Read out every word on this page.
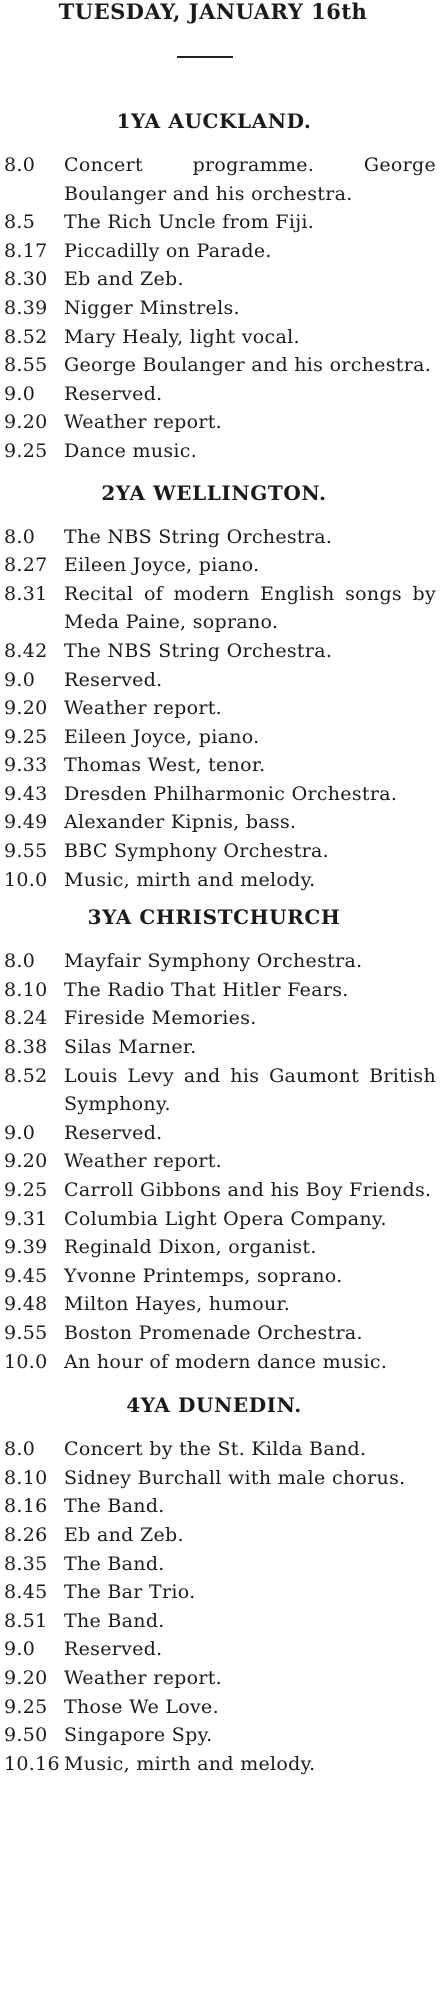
TUESDAY, JANUARY 16th
1YA AUCKLAND.
8.0	Concert programme. George Boulanger and his orchestra.
8.5	The Rich Uncle from Fiji.
8.17 Piccadilly on Parade.
8.30 Eb and Zeb.
8.39 Nigger Minstrels.
8.52 Mary Healy, light vocal.
8.55 George Boulanger and his orchestra.
9.0	Reserved.
9.20 Weather report.
9.25 Dance music.
2YA WELLINGTON.
8.0	The NBS String Orchestra.
8.27 Eileen Joyce, piano.
8.31 Recital of modern English songs by Meda Paine, soprano.
8.42 The NBS String Orchestra.
9.0	Reserved.
9.20 Weather report.
9.25 Eileen Joyce, piano.
9.33 Thomas West, tenor.
9.43 Dresden Philharmonic Orchestra.
9.49 Alexander Kipnis, bass.
9.55 BBC Symphony Orchestra.
10.0 Music, mirth and melody.
3YA CHRISTCHURCH
8.0	Mayfair Symphony Orchestra.
8.10 The Radio That Hitler Fears.
8.24 Fireside Memories.
8.38 Silas Marner.
8.52 Louis Levy and his Gaumont British Symphony.
9.0	Reserved.
9.20 Weather report.
9.25 Carroll Gibbons and his Boy Friends.
9.31 Columbia Light Opera Company.
9.39 Reginald Dixon, organist.
9.45 Yvonne Printemps, soprano.
9.48 Milton Hayes, humour.
9.55 Boston Promenade Orchestra.
10.0 An hour of modern dance music.
4YA DUNEDIN.
8.0	Concert by the St. Kilda Band.
8.10 Sidney Burchall with male chorus.
8.16 The Band.
8.26 Eb and Zeb.
8.35 The Band.
8.45 The Bar Trio.
8.51 The Band.
9.0	Reserved.
9.20 Weather report.
9.25 Those We Love.
9.50 Singapore Spy.
10.16 Music, mirth and melody.
